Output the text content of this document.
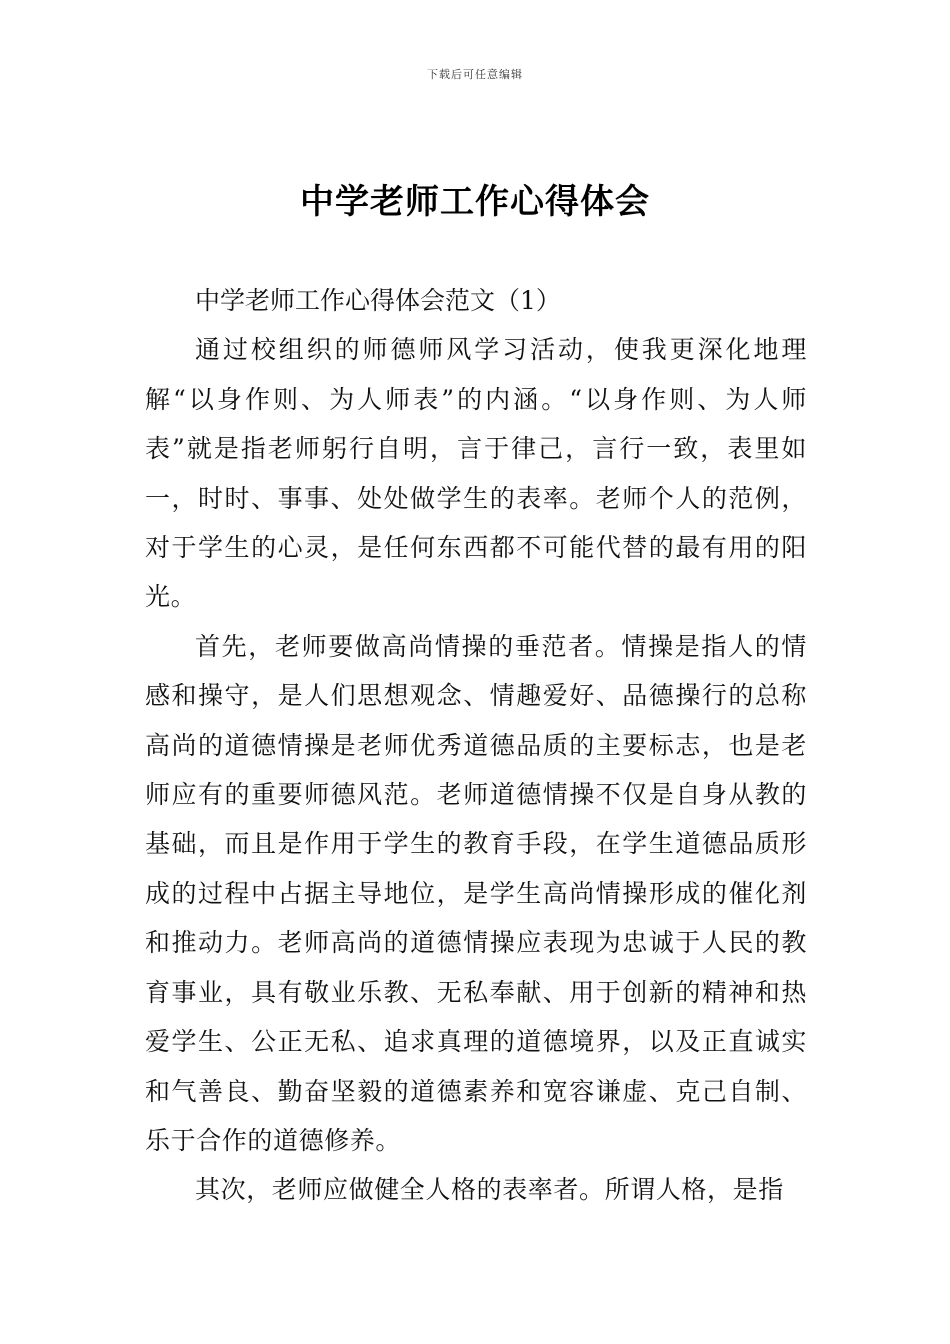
下载后可任意编辑
中学老师工作心得体会

中学老师工作心得体会范文（1）

通过校组织的师德师风学习活动，使我更深化地理解“以身作则、为人师表”的内涵。“以身作则、为人师表”就是指老师躬行自明，言于律己，言行一致，表里如一，时时、事事、处处做学生的表率。老师个人的范例，对于学生的心灵，是任何东西都不可能代替的最有用的阳光。

首先，老师要做高尚情操的垂范者。情操是指人的情感和操守，是人们思想观念、情趣爱好、品德操行的总称高尚的道德情操是老师优秀道德品质的主要标志，也是老师应有的重要师德风范。老师道德情操不仅是自身从教的基础，而且是作用于学生的教育手段，在学生道德品质形成的过程中占据主导地位，是学生高尚情操形成的催化剂和推动力。老师高尚的道德情操应表现为忠诚于人民的教育事业，具有敬业乐教、无私奉献、用于创新的精神和热爱学生、公正无私、追求真理的道德境界，以及正直诚实和气善良、勤奋坚毅的道德素养和宽容谦虚、克己自制、乐于合作的道德修养。

其次，老师应做健全人格的表率者。所谓人格，是指
